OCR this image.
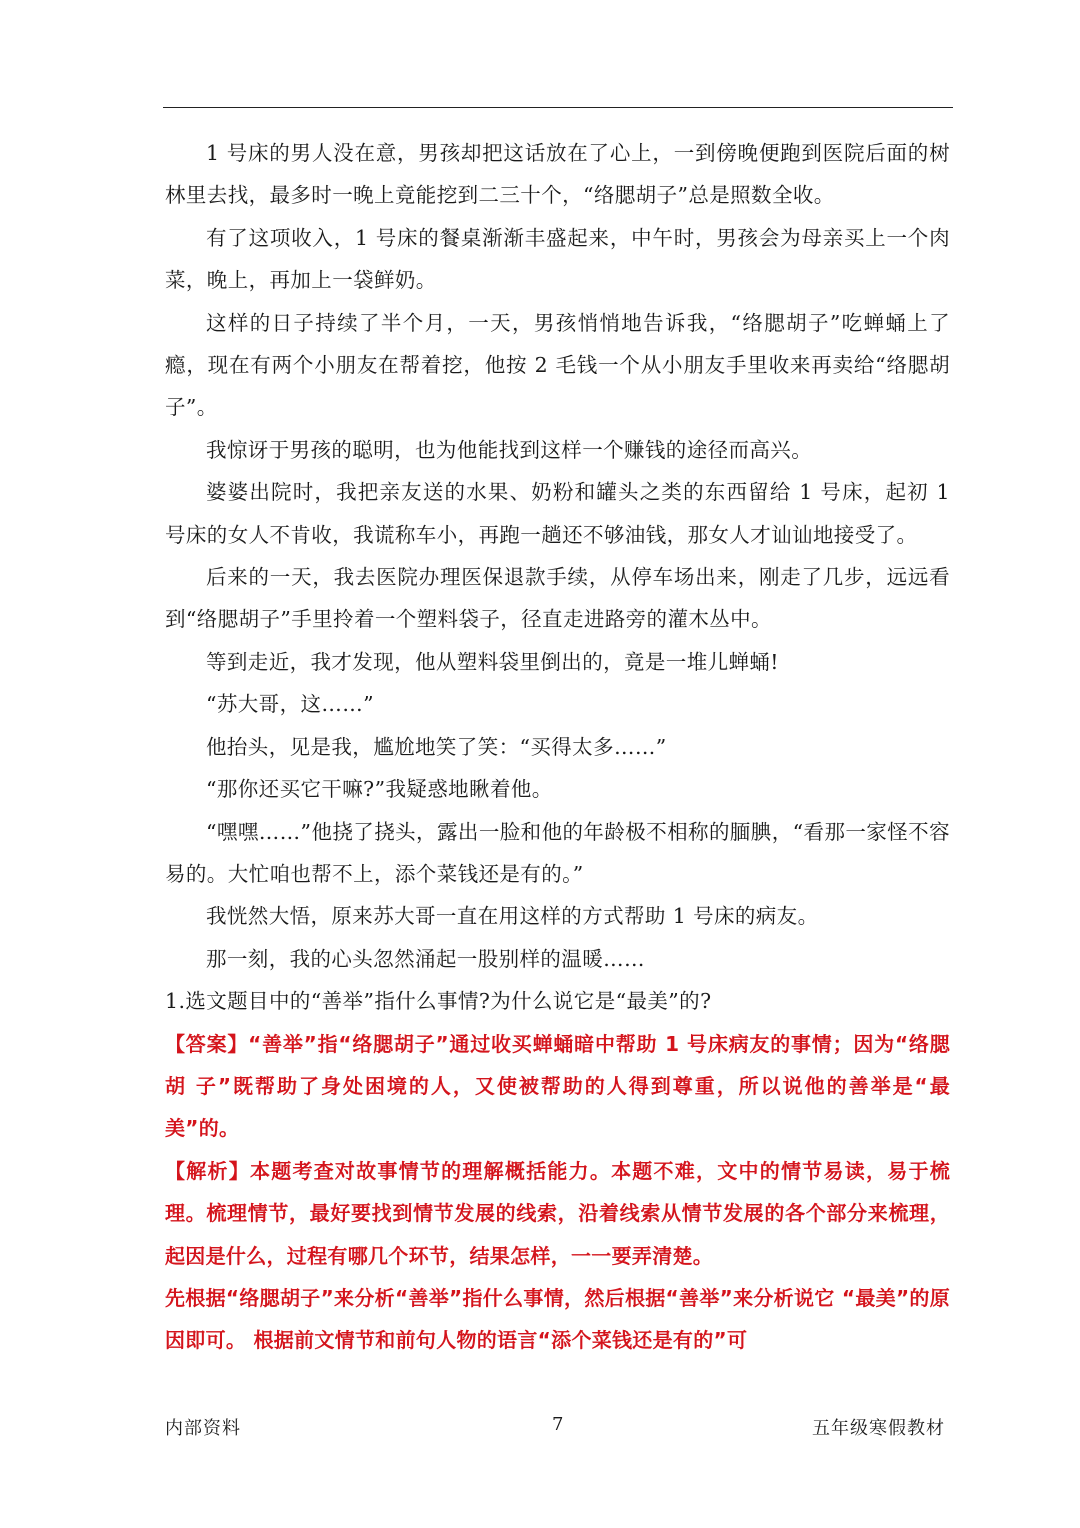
1 号床的男人没在意，男孩却把这话放在了心上，一到傍晚便跑到医院后面的树林里去找，最多时一晚上竟能挖到二三十个，“络腮胡子”总是照数全收。

有了这项收入，1 号床的餐桌渐渐丰盛起来，中午时，男孩会为母亲买上一个肉菜，晚上，再加上一袋鲜奶。

这样的日子持续了半个月，一天，男孩悄悄地告诉我，“络腮胡子”吃蝉蛹上了瘾，现在有两个小朋友在帮着挖，他按 2 毛钱一个从小朋友手里收来再卖给“络腮胡子”。

我惊讶于男孩的聪明，也为他能找到这样一个赚钱的途径而高兴。

婆婆出院时，我把亲友送的水果、奶粉和罐头之类的东西留给 1 号床，起初 1 号床的女人不肯收，我谎称车小，再跑一趟还不够油钱，那女人才讪讪地接受了。

后来的一天，我去医院办理医保退款手续，从停车场出来，刚走了几步，远远看到“络腮胡子”手里拎着一个塑料袋子，径直走进路旁的灌木丛中。

等到走近，我才发现，他从塑料袋里倒出的，竟是一堆儿蝉蛹!

“苏大哥，这……”

他抬头，见是我，尴尬地笑了笑：“买得太多……”

“那你还买它干嘛?”我疑惑地瞅着他。

“嘿嘿……”他挠了挠头，露出一脸和他的年龄极不相称的腼腆，“看那一家怪不容易的。大忙咱也帮不上，添个菜钱还是有的。”

我恍然大悟，原来苏大哥一直在用这样的方式帮助 1 号床的病友。

那一刻，我的心头忽然涌起一股别样的温暖……

1.选文题目中的“善举”指什么事情?为什么说它是“最美”的?

【答案】“善举”指“络腮胡子”通过收买蝉蛹暗中帮助 1 号床病友的事情；因为“络腮胡 子”既帮助了身处困境的人，又使被帮助的人得到尊重，所以说他的善举是“最 美”的。

【解析】本题考查对故事情节的理解概括能力。本题不难，文中的情节易读，易于梳理。梳理情节，最好要找到情节发展的线索，沿着线索从情节发展的各个部分来梳理，起因是什么，过程有哪几个环节，结果怎样，一一要弄清楚。

先根据“络腮胡子”来分析“善举”指什么事情，然后根据“善举”来分析说它 “最美”的原因即可。 根据前文情节和前句人物的语言“添个菜钱还是有的”可

内部资料	7	五年级寒假教材
